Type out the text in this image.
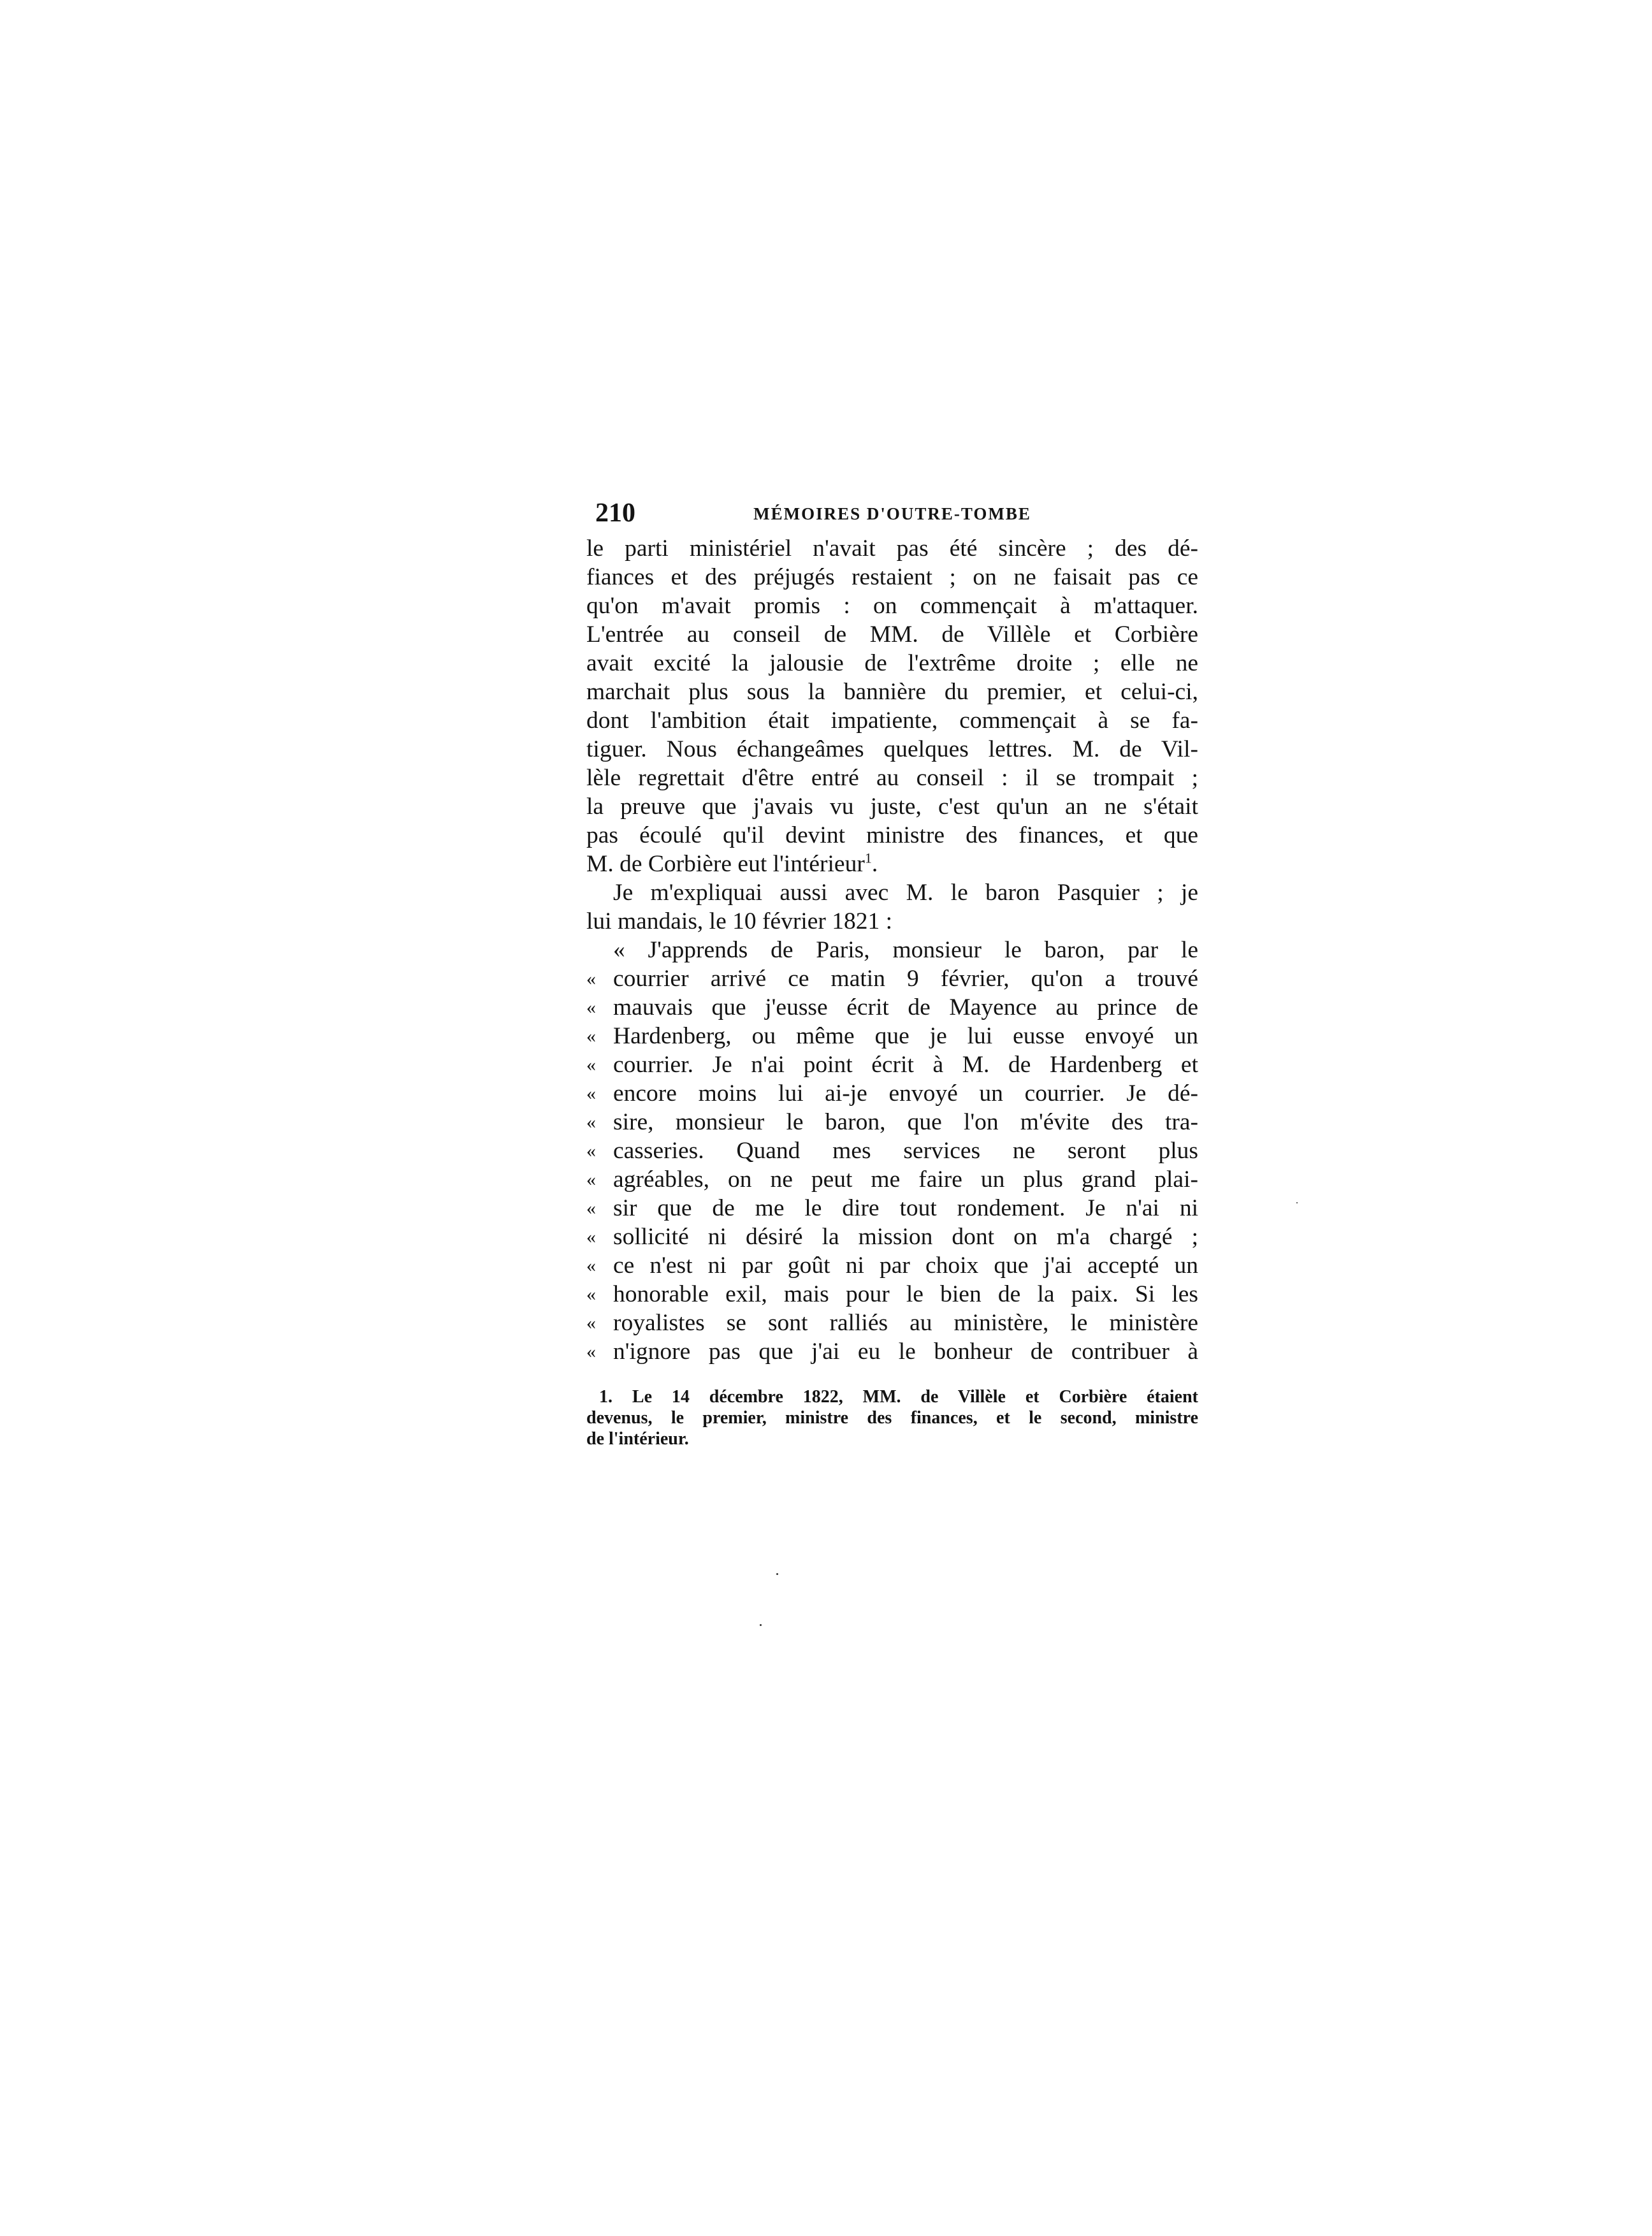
210	MÉMOIRES D'OUTRE-TOMBE
le parti ministériel n'avait pas été sincère ; des dé-
fiances et des préjugés restaient ; on ne faisait pas ce
qu'on m'avait promis : on commençait à m'attaquer.
L'entrée au conseil de MM. de Villèle et Corbière
avait excité la jalousie de l'extrême droite ; elle ne
marchait plus sous la bannière du premier, et celui-ci,
dont l'ambition était impatiente, commençait à se fa-
tiguer. Nous échangeâmes quelques lettres. M. de Vil-
lèle regrettait d'être entré au conseil : il se trompait ;
la preuve que j'avais vu juste, c'est qu'un an ne s'était
pas écoulé qu'il devint ministre des finances, et que
M. de Corbière eut l'intérieur$^1$.
Je m'expliquai aussi avec M. le baron Pasquier ; je
lui mandais, le 10 février 1821 :
« J'apprends de Paris, monsieur le baron, par le
« courrier arrivé ce matin 9 février, qu'on a trouvé
« mauvais que j'eusse écrit de Mayence au prince de
« Hardenberg, ou même que je lui eusse envoyé un
« courrier. Je n'ai point écrit à M. de Hardenberg et
« encore moins lui ai-je envoyé un courrier. Je dé-
« sire, monsieur le baron, que l'on m'évite des tra-
« casseries. Quand mes services ne seront plus
« agréables, on ne peut me faire un plus grand plai-
« sir que de me le dire tout rondement. Je n'ai ni
« sollicité ni désiré la mission dont on m'a chargé ;
« ce n'est ni par goût ni par choix que j'ai accepté un
« honorable exil, mais pour le bien de la paix. Si les
« royalistes se sont ralliés au ministère, le ministère
« n'ignore pas que j'ai eu le bonheur de contribuer à
1. Le 14 décembre 1822, MM. de Villèle et Corbière étaient
devenus, le premier, ministre des finances, et le second, ministre
de l'intérieur.
